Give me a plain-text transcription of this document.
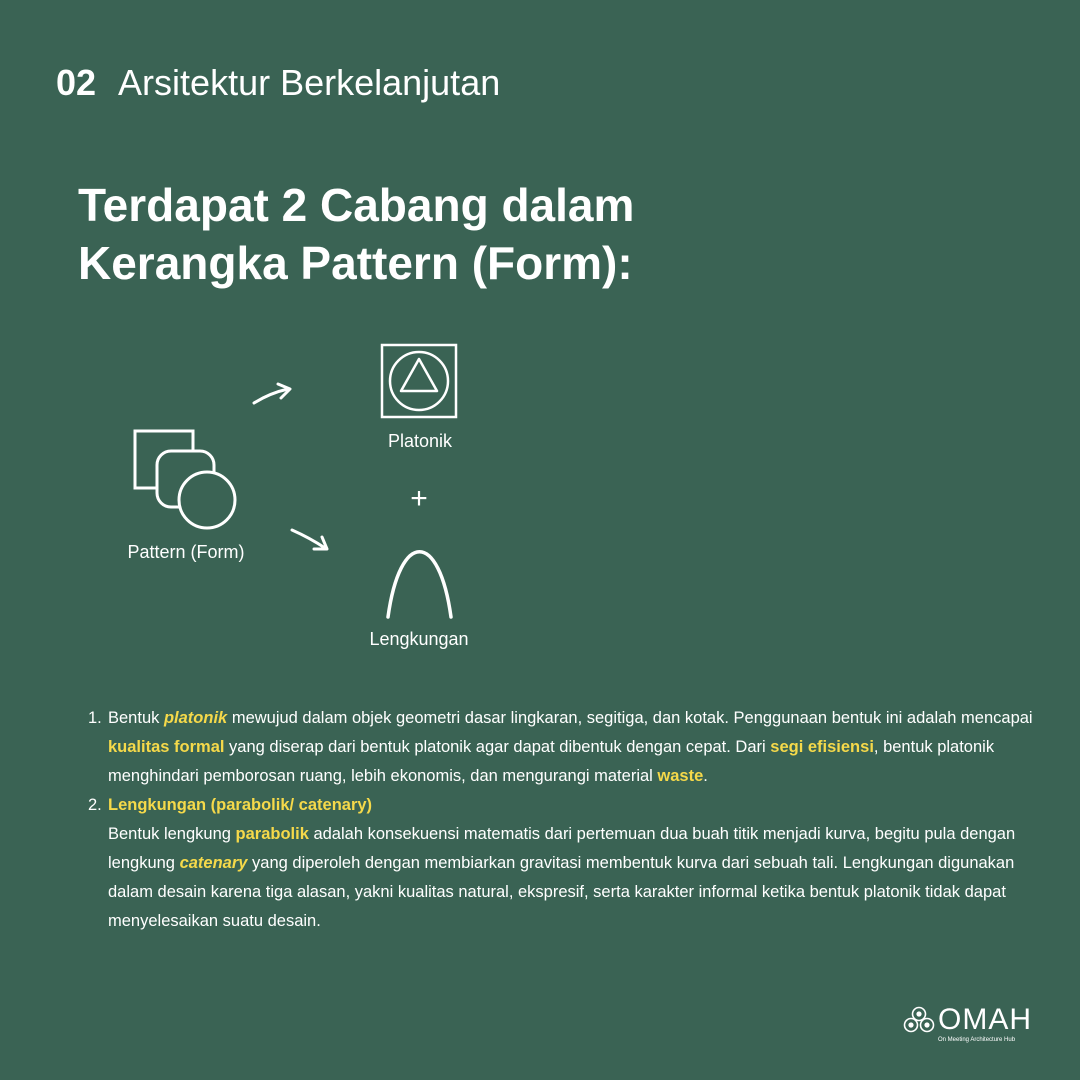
02 Arsitektur Berkelanjutan
Terdapat 2 Cabang dalam
Kerangka Pattern (Form):
Pattern (Form)
Platonik
+
Lengkungan
1. Bentuk platonik mewujud dalam objek geometri dasar lingkaran, segitiga, dan kotak. Penggunaan bentuk ini adalah mencapai kualitas formal yang diserap dari bentuk platonik agar dapat dibentuk dengan cepat. Dari segi efisiensi, bentuk platonik menghindari pemborosan ruang, lebih ekonomis, dan mengurangi material waste.
2. Lengkungan (parabolik/ catenary)
Bentuk lengkung parabolik adalah konsekuensi matematis dari pertemuan dua buah titik menjadi kurva, begitu pula dengan lengkung catenary yang diperoleh dengan membiarkan gravitasi membentuk kurva dari sebuah tali. Lengkungan digunakan dalam desain karena tiga alasan, yakni kualitas natural, ekspresif, serta karakter informal ketika bentuk platonik tidak dapat menyelesaikan suatu desain.
OMAH
On Meeting Architecture Hub
